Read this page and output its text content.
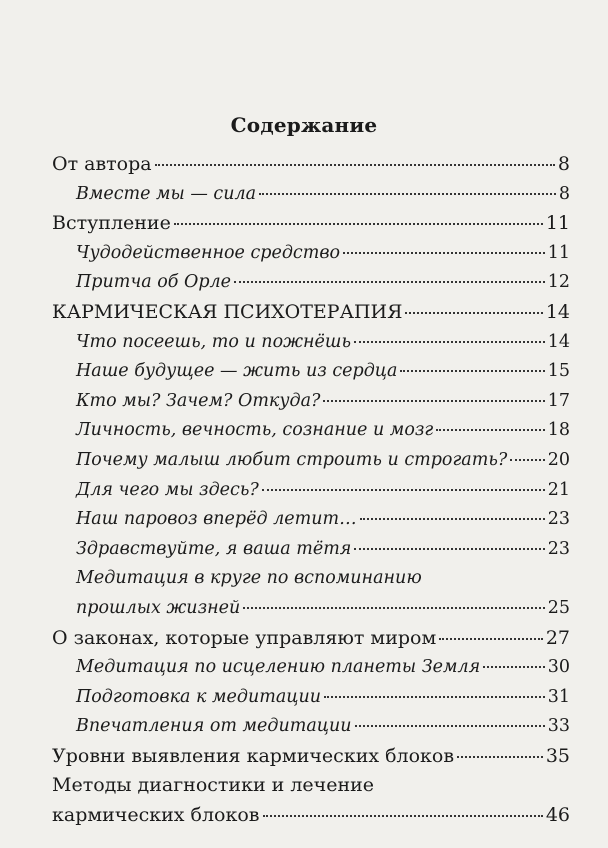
Содержание
От автора	8
Вместе мы — сила	8
Вступление	11
Чудодейственное средство	11
Притча об Орле	12
КАРМИЧЕСКАЯ ПСИХОТЕРАПИЯ	14
Что посеешь, то и пожнёшь	14
Наше будущее — жить из сердца	15
Кто мы? Зачем? Откуда?	17
Личность, вечность, сознание и мозг	18
Почему малыш любит строить и строгать? 20
Для чего мы здесь?	21
Наш паровоз вперёд летит…	23
Здравствуйте, я ваша тётя	23
Медитация в круге по вспоминанию
прошлых жизней	25
О законах, которые управляют миром	27
Медитация по исцелению планеты Земля	30
Подготовка к медитации	31
Впечатления от медитации	33
Уровни выявления кармических блоков	35
Методы диагностики и лечение
кармических блоков	46
